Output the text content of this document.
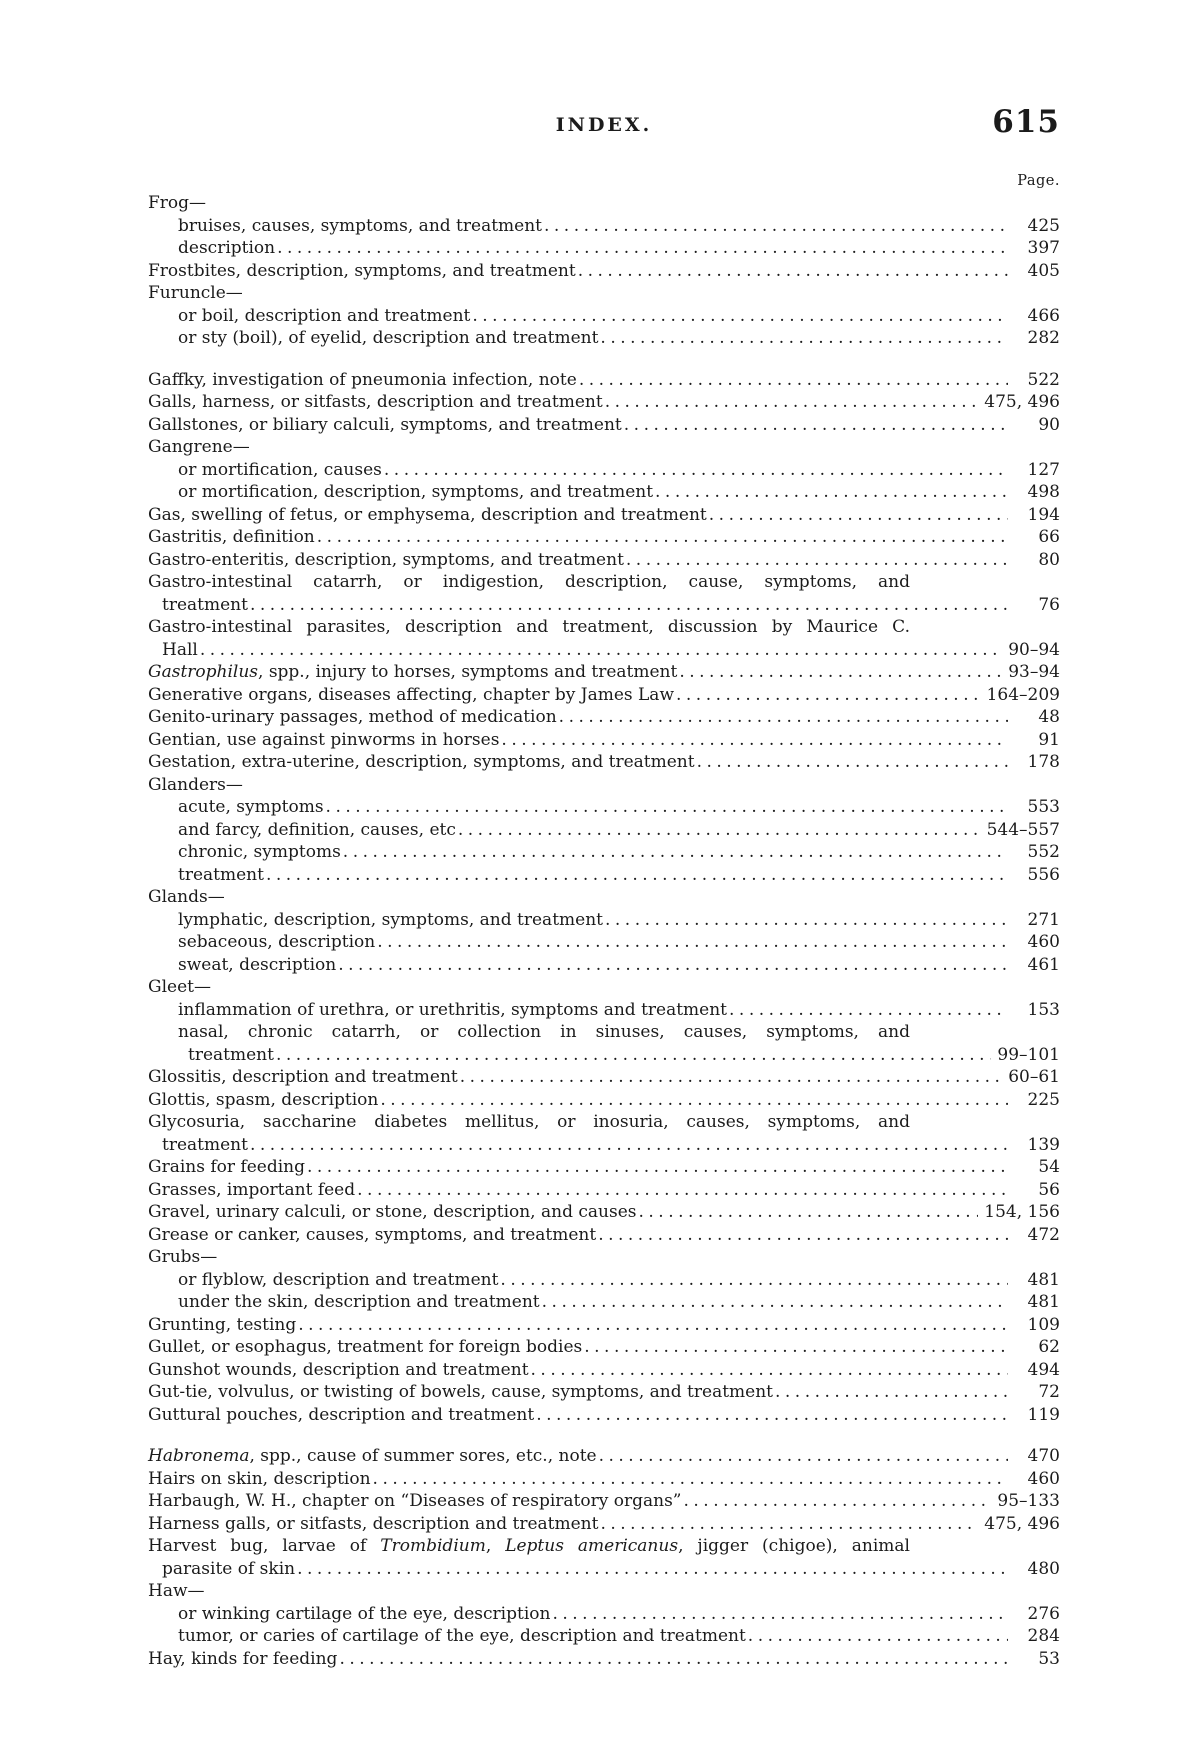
INDEX.	615
Page.
Frog—
bruises, causes, symptoms, and treatment .....	425
description .....	397
Frostbites, description, symptoms, and treatment .....	405
Furuncle—
or boil, description and treatment .....	466
or sty (boil), of eyelid, description and treatment .....	282
Gaffky, investigation of pneumonia infection, note .....	522
Galls, harness, or sitfasts, description and treatment .....	475, 496
Gallstones, or biliary calculi, symptoms, and treatment .....	90
Gangrene—
or mortification, causes .....	127
or mortification, description, symptoms, and treatment .....	498
Gas, swelling of fetus, or emphysema, description and treatment .....	194
Gastritis, definition .....	66
Gastro-enteritis, description, symptoms, and treatment .....	80
Gastro-intestinal catarrh, or indigestion, description, cause, symptoms, and
treatment .....	76
Gastro-intestinal parasites, description and treatment, discussion by Maurice C.
Hall .....	90–94
Gastrophilus, spp., injury to horses, symptoms and treatment .....	93–94
Generative organs, diseases affecting, chapter by James Law .....	164–209
Genito-urinary passages, method of medication .....	48
Gentian, use against pinworms in horses .....	91
Gestation, extra-uterine, description, symptoms, and treatment .....	178
Glanders—
acute, symptoms .....	553
and farcy, definition, causes, etc .....	544–557
chronic, symptoms .....	552
treatment .....	556
Glands—
lymphatic, description, symptoms, and treatment .....	271
sebaceous, description .....	460
sweat, description .....	461
Gleet—
inflammation of urethra, or urethritis, symptoms and treatment .....	153
nasal, chronic catarrh, or collection in sinuses, causes, symptoms, and
treatment .....	99–101
Glossitis, description and treatment .....	60–61
Glottis, spasm, description .....	225
Glycosuria, saccharine diabetes mellitus, or inosuria, causes, symptoms, and
treatment .....	139
Grains for feeding .....	54
Grasses, important feed .....	56
Gravel, urinary calculi, or stone, description, and causes .....	154, 156
Grease or canker, causes, symptoms, and treatment .....	472
Grubs—
or flyblow, description and treatment .....	481
under the skin, description and treatment .....	481
Grunting, testing .....	109
Gullet, or esophagus, treatment for foreign bodies .....	62
Gunshot wounds, description and treatment .....	494
Gut-tie, volvulus, or twisting of bowels, cause, symptoms, and treatment .....	72
Guttural pouches, description and treatment .....	119
Habronema, spp., cause of summer sores, etc., note .....	470
Hairs on skin, description .....	460
Harbaugh, W. H., chapter on “Diseases of respiratory organs” .....	95–133
Harness galls, or sitfasts, description and treatment .....	475, 496
Harvest bug, larvae of Trombidium, Leptus americanus, jigger (chigoe), animal
parasite of skin .....	480
Haw—
or winking cartilage of the eye, description .....	276
tumor, or caries of cartilage of the eye, description and treatment .....	284
Hay, kinds for feeding .....	53
